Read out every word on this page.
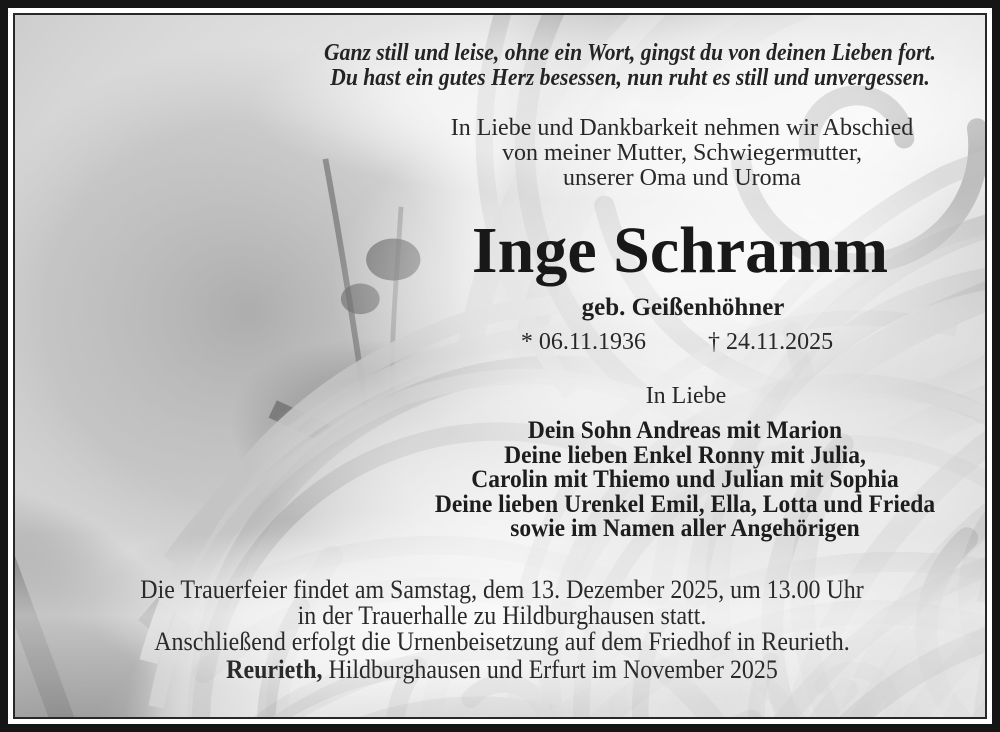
Ganz still und leise, ohne ein Wort, gingst du von deinen Lieben fort.
Du hast ein gutes Herz besessen, nun ruht es still und unvergessen.
In Liebe und Dankbarkeit nehmen wir Abschied
von meiner Mutter, Schwiegermutter,
unserer Oma und Uroma
Inge Schramm
geb. Geißenhöhner
* 06.11.1936	† 24.11.2025
In Liebe
Dein Sohn Andreas mit Marion
Deine lieben Enkel Ronny mit Julia,
Carolin mit Thiemo und Julian mit Sophia
Deine lieben Urenkel Emil, Ella, Lotta und Frieda
sowie im Namen aller Angehörigen
Die Trauerfeier findet am Samstag, dem 13. Dezember 2025, um 13.00 Uhr
in der Trauerhalle zu Hildburghausen statt.
Anschließend erfolgt die Urnenbeisetzung auf dem Friedhof in Reurieth.
Reurieth, Hildburghausen und Erfurt im November 2025
